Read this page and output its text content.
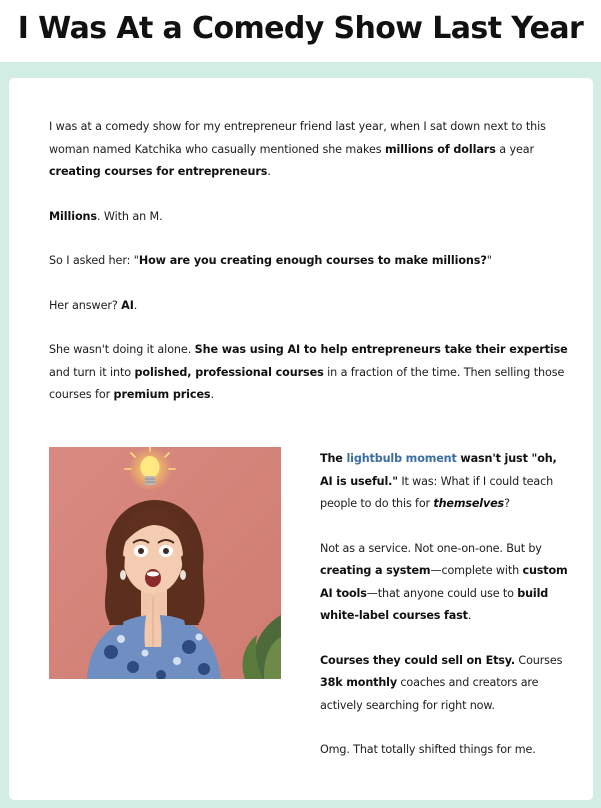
I Was At a Comedy Show Last Year

I was at a comedy show for my entrepreneur friend last year, when I sat down next to this woman named Katchika who casually mentioned she makes millions of dollars a year creating courses for entrepreneurs.

Millions. With an M.

So I asked her: "How are you creating enough courses to make millions?"

Her answer? AI.

She wasn't doing it alone. She was using AI to help entrepreneurs take their expertise and turn it into polished, professional courses in a fraction of the time. Then selling those courses for premium prices.

The lightbulb moment wasn't just "oh, AI is useful." It was: What if I could teach people to do this for themselves?

Not as a service. Not one-on-one. But by creating a system—complete with custom AI tools—that anyone could use to build white-label courses fast.

Courses they could sell on Etsy. Courses 38k monthly coaches and creators are actively searching for right now.

Omg. That totally shifted things for me.
